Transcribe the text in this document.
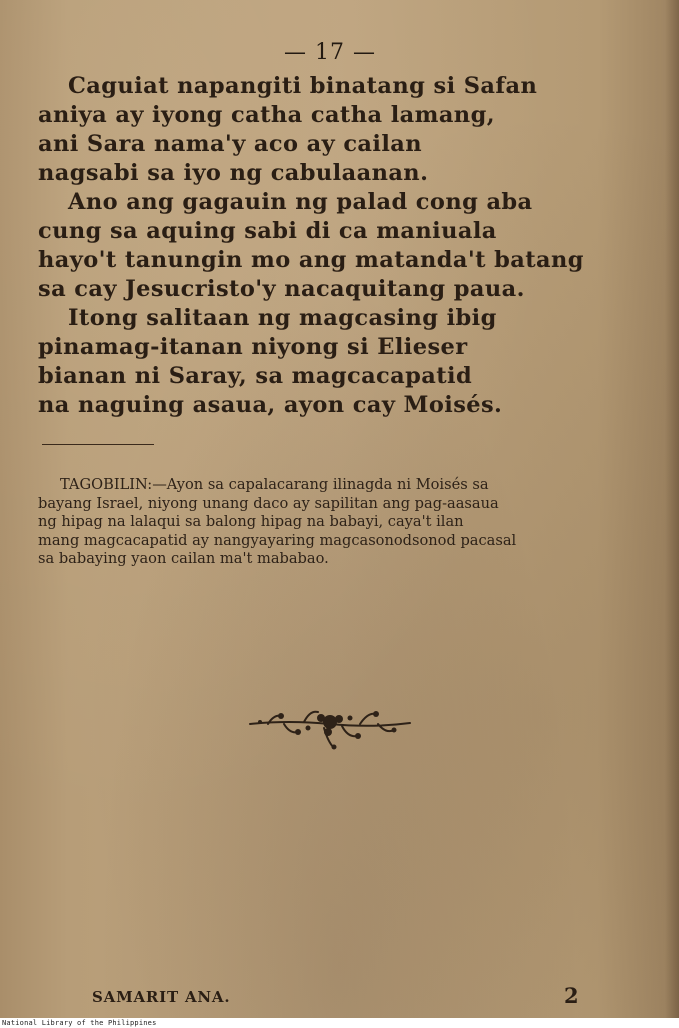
— 17 —
Caguiat napangiti binatang si Safan
aniya ay iyong catha catha lamang,
ani Sara nama'y aco ay cailan
nagsabi sa iyo ng cabulaanan.
Ano ang gagauin ng palad cong aba
cung sa aquing sabi di ca maniuala
hayo't tanungin mo ang matanda't batang
sa cay Jesucristo'y nacaquitang paua.
Itong salitaan ng magcasing ibig
pinamag-itanan niyong si Elieser
bianan ni Saray, sa magcacapatid
na naguing asaua, ayon cay Moisés.
TAGOBILIN:—Ayon sa capalacarang ilinagda ni Moisés sa
bayang Israel, niyong unang daco ay sapilitan ang pag-aasaua
ng hipag na lalaqui sa balong hipag na babayi, caya't ilan
mang magcacapatid ay nangyayaring magcasonodsonod pacasal
sa babaying yaon cailan ma't mababao.
SAMARIT ANA.	2
National Library of the Philippines
